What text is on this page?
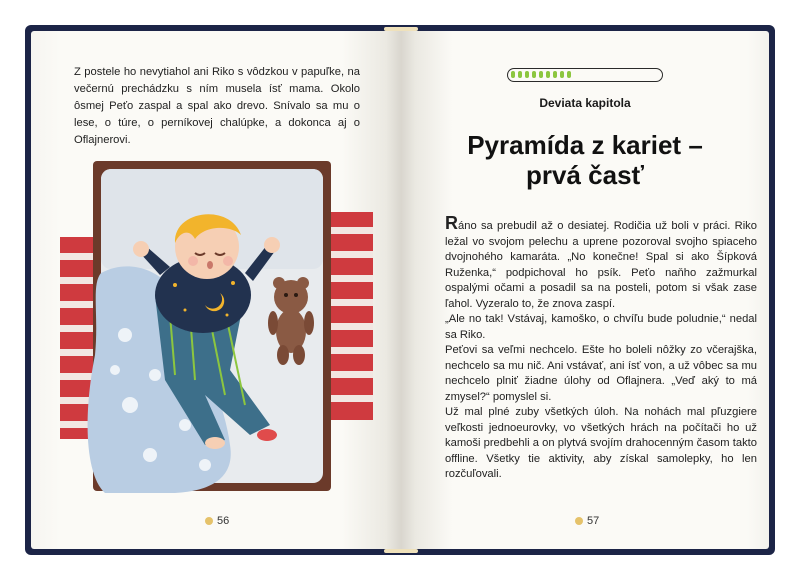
Z postele ho nevytiahol ani Riko s vôdzkou v papuľke, na večernú prechádzku s ním musela ísť mama. Okolo ôsmej Peťo zaspal a spal ako drevo. Snívalo sa mu o lese, o túre, o perníkovej chalúpke, a dokonca aj o Oflajnerovi.

56
Deviata kapitola
Pyramída z kariet –
prvá časť

Ráno sa prebudil až o desiatej. Rodičia už boli v práci. Riko ležal vo svojom pelechu a uprene pozoroval svojho spiaceho dvojnohého kamaráta. „No konečne! Spal si ako Šípková Ruženka,“ podpichoval ho psík. Peťo naňho zažmurkal ospalými očami a posadil sa na posteli, potom si však zase ľahol. Vyzeralo to, že znova zaspí.

„Ale no tak! Vstávaj, kamoško, o chvíľu bude poludnie,“ nedal sa Riko.

Peťovi sa veľmi nechcelo. Ešte ho boleli nôžky zo včerajška, nechcelo sa mu nič. Ani vstávať, ani ísť von, a už vôbec sa mu nechcelo plniť žiadne úlohy od Oflajnera. „Veď aký to má zmysel?“ pomyslel si.

Už mal plné zuby všetkých úloh. Na nohách mal pľuzgiere veľkosti jednoeurovky, vo všetkých hrách na počítači ho už kamoši predbehli a on plytvá svojím drahocenným časom takto offline. Všetky tie aktivity, aby získal samolepky, ho len rozčuľovali.

57
